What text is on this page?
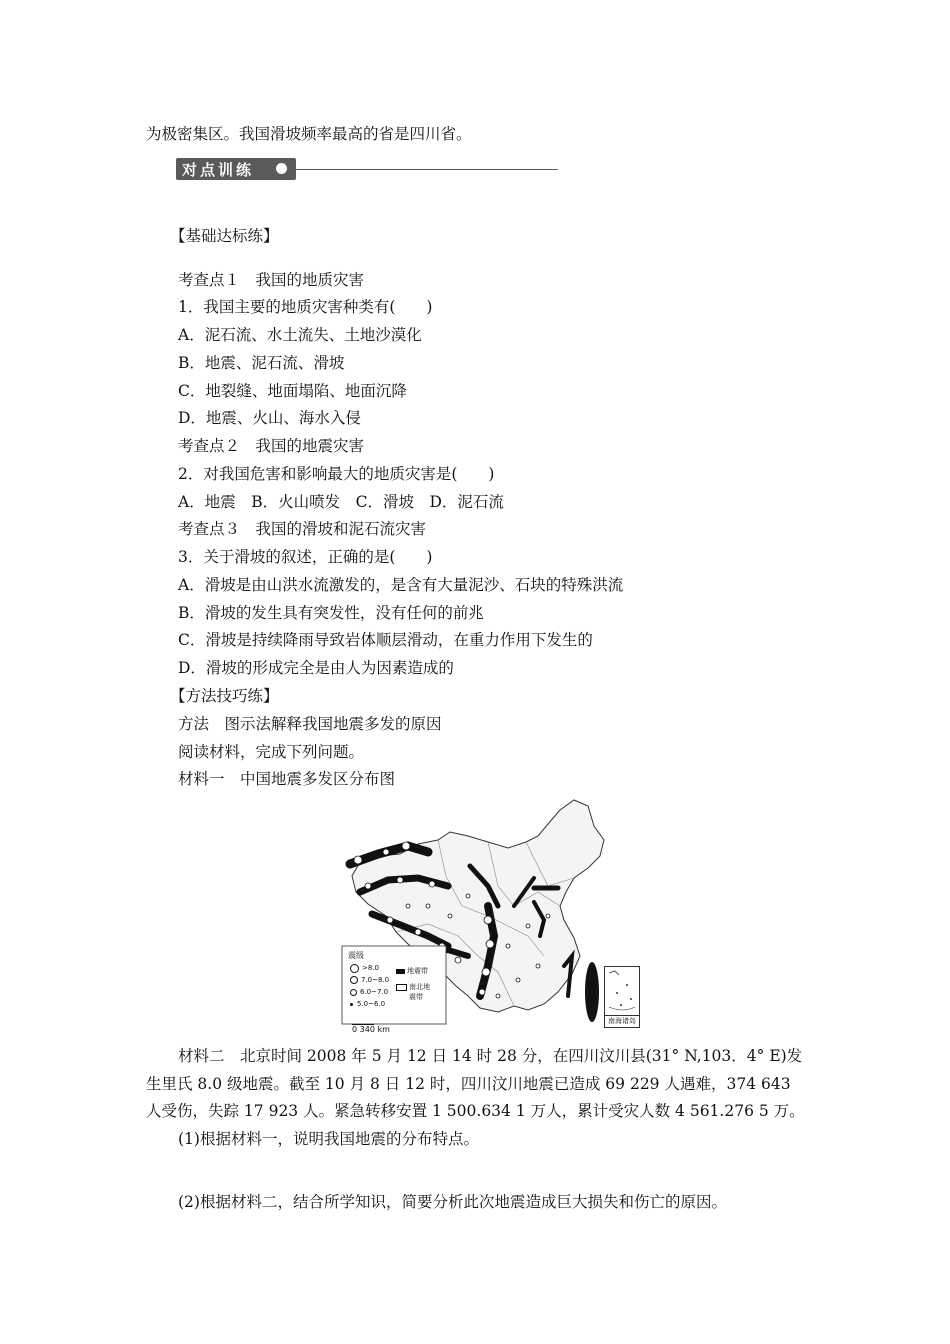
为极密集区。我国滑坡频率最高的省是四川省。
对点训练
【基础达标练】
考查点１　我国的地质灾害
1．我国主要的地质灾害种类有(　　)
A．泥石流、水土流失、土地沙漠化
B．地震、泥石流、滑坡
C．地裂缝、地面塌陷、地面沉降
D．地震、火山、海水入侵
考查点２　我国的地震灾害
2．对我国危害和影响最大的地质灾害是(　　)
A．地震　B．火山喷发　C．滑坡　D．泥石流
考查点３　我国的滑坡和泥石流灾害
3．关于滑坡的叙述，正确的是(　　)
A．滑坡是由山洪水流激发的，是含有大量泥沙、石块的特殊洪流
B．滑坡的发生具有突发性，没有任何的前兆
C．滑坡是持续降雨导致岩体顺层滑动，在重力作用下发生的
D．滑坡的形成完全是由人为因素造成的
【方法技巧练】
方法　图示法解释我国地震多发的原因
阅读材料，完成下列问题。
材料一　中国地震多发区分布图
震级
>8.0
7.0~8.0
6.0~7.0
5.0~6.0
地震带
南北地
震带
0 340 km
南海诸岛
材料二　北京时间 2008 年 5 月 12 日 14 时 28 分，在四川汶川县(31° N,103．4° E)发
生里氏 8.0 级地震。截至 10 月 8 日 12 时，四川汶川地震已造成 69 229 人遇难，374 643
人受伤，失踪 17 923 人。紧急转移安置 1 500.634 1 万人，累计受灾人数 4 561.276 5 万。
(1)根据材料一，说明我国地震的分布特点。
(2)根据材料二，结合所学知识，简要分析此次地震造成巨大损失和伤亡的原因。
